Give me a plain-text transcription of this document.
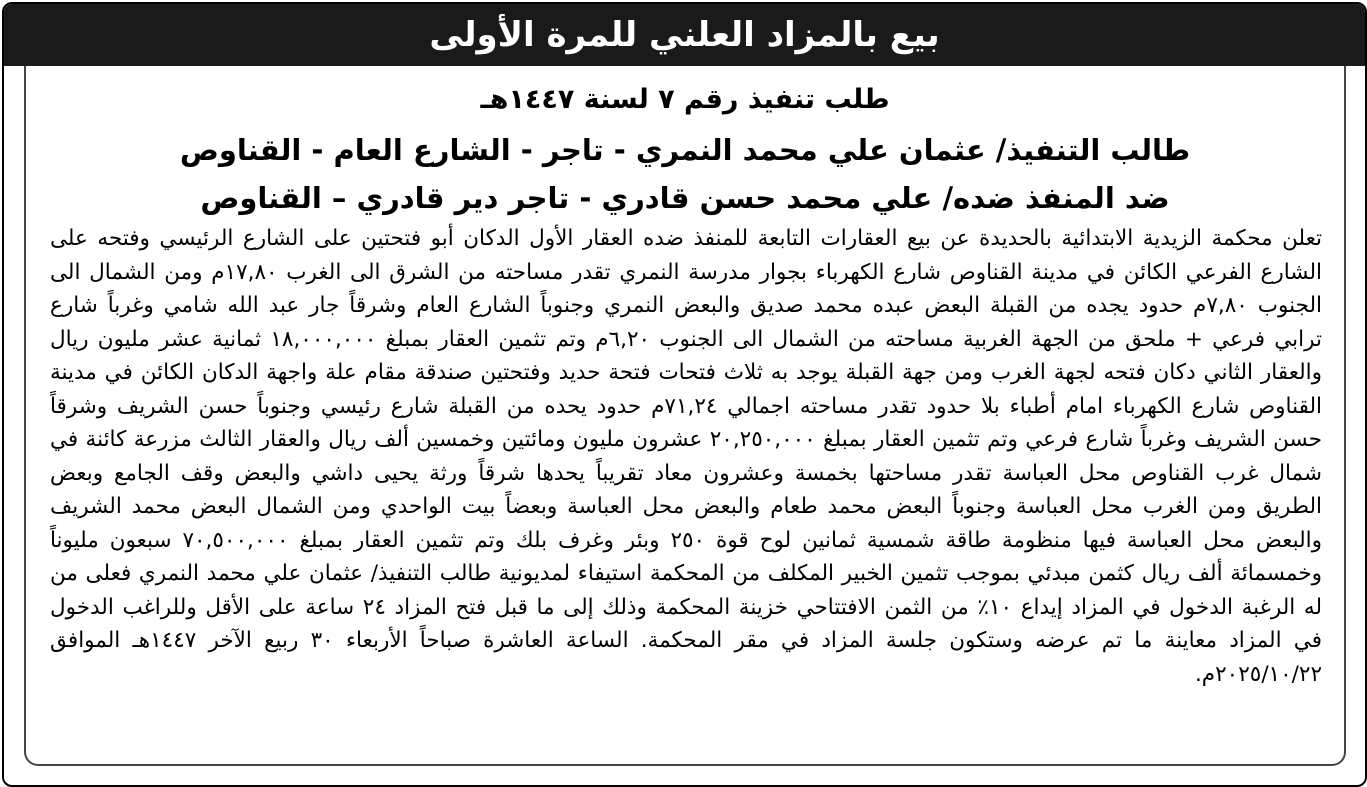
بيع بالمزاد العلني للمرة الأولى
طلب تنفيذ رقم ٧ لسنة ١٤٤٧هـ
طالب التنفيذ/ عثمان علي محمد النمري - تاجر - الشارع العام - القناوص
ضد المنفذ ضده/ علي محمد حسن قادري - تاجر دير قادري – القناوص
تعلن محكمة الزيدية الابتدائية بالحديدة عن بيع العقارات التابعة للمنفذ ضده العقار الأول الدكان أبو فتحتين على الشارع الرئيسي وفتحه على الشارع الفرعي الكائن في مدينة القناوص شارع الكهرباء بجوار مدرسة النمري تقدر مساحته من الشرق الى الغرب ١٧,٨٠م ومن الشمال الى الجنوب ٧,٨٠م حدود يجده من القبلة البعض عبده محمد صديق والبعض النمري وجنوباً الشارع العام وشرقاً جار عبد الله شامي وغرباً شارع ترابي فرعي + ملحق من الجهة الغربية مساحته من الشمال الى الجنوب ٦,٢٠م وتم تثمين العقار بمبلغ ١٨,٠٠٠,٠٠٠ ثمانية عشر مليون ريال والعقار الثاني دكان فتحه لجهة الغرب ومن جهة القبلة يوجد به ثلاث فتحات فتحة حديد وفتحتين صندقة مقام علة واجهة الدكان الكائن في مدينة القناوص شارع الكهرباء امام أطباء بلا حدود تقدر مساحته اجمالي ٧١,٢٤م حدود يحده من القبلة شارع رئيسي وجنوباً حسن الشريف وشرقاً حسن الشريف وغرباً شارع فرعي وتم تثمين العقار بمبلغ ٢٠,٢٥٠,٠٠٠ عشرون مليون ومائتين وخمسين ألف ريال والعقار الثالث مزرعة كائنة في شمال غرب القناوص محل العباسة تقدر مساحتها بخمسة وعشرون معاد تقريباً يحدها شرقاً ورثة يحيى داشي والبعض وقف الجامع وبعض الطريق ومن الغرب محل العباسة وجنوباً البعض محمد طعام والبعض محل العباسة وبعضاً بيت الواحدي ومن الشمال البعض محمد الشريف والبعض محل العباسة فيها منظومة طاقة شمسية ثمانين لوح قوة ٢٥٠ وبئر وغرف بلك وتم تثمين العقار بمبلغ ٧٠,٥٠٠,٠٠٠ سبعون مليوناً وخمسمائة ألف ريال كثمن مبدئي بموجب تثمين الخبير المكلف من المحكمة استيفاء لمديونية طالب التنفيذ/ عثمان علي محمد النمري فعلى من له الرغبة الدخول في المزاد إيداع ١٠٪ من الثمن الافتتاحي خزينة المحكمة وذلك إلى ما قبل فتح المزاد ٢٤ ساعة على الأقل وللراغب الدخول في المزاد معاينة ما تم عرضه وستكون جلسة المزاد في مقر المحكمة. الساعة العاشرة صباحاً الأربعاء ٣٠ ربيع الآخر ١٤٤٧هـ الموافق ٢٠٢٥/١٠/٢٢م.
